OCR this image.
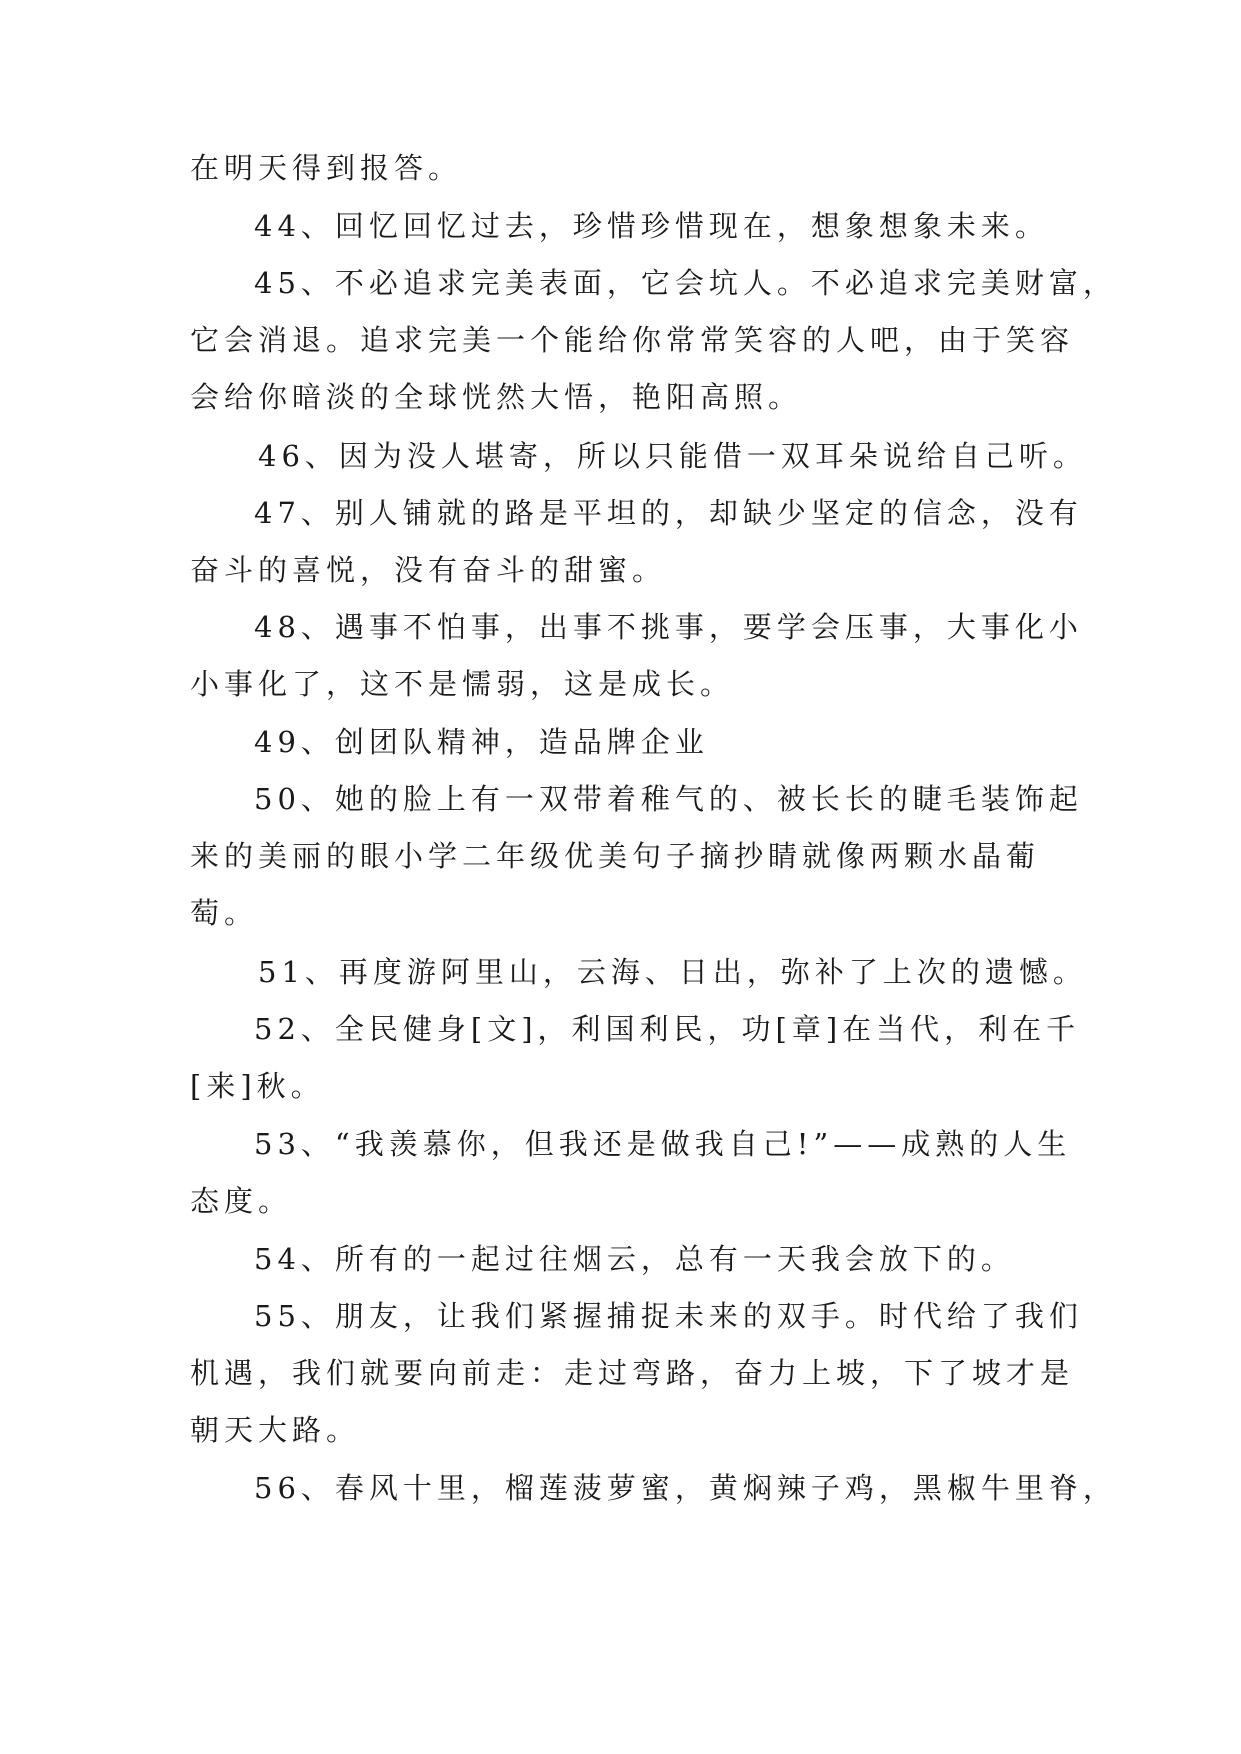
在明天得到报答。
44、回忆回忆过去，珍惜珍惜现在，想象想象未来。
45、不必追求完美表面，它会坑人。不必追求完美财富，
它会消退。追求完美一个能给你常常笑容的人吧，由于笑容
会给你暗淡的全球恍然大悟，艳阳高照。
46、因为没人堪寄，所以只能借一双耳朵说给自己听。
47、别人铺就的路是平坦的，却缺少坚定的信念，没有
奋斗的喜悦，没有奋斗的甜蜜。
48、遇事不怕事，出事不挑事，要学会压事，大事化小
小事化了，这不是懦弱，这是成长。
49、创团队精神，造品牌企业
50、她的脸上有一双带着稚气的、被长长的睫毛装饰起
来的美丽的眼小学二年级优美句子摘抄睛就像两颗水晶葡
萄。
51、再度游阿里山，云海、日出，弥补了上次的遗憾。
52、全民健身[文]，利国利民，功[章]在当代，利在千
[来]秋。
53、“我羡慕你，但我还是做我自己!”——成熟的人生
态度。
54、所有的一起过往烟云，总有一天我会放下的。
55、朋友，让我们紧握捕捉未来的双手。时代给了我们
机遇，我们就要向前走：走过弯路，奋力上坡，下了坡才是
朝天大路。
56、春风十里，榴莲菠萝蜜，黄焖辣子鸡，黑椒牛里脊，
